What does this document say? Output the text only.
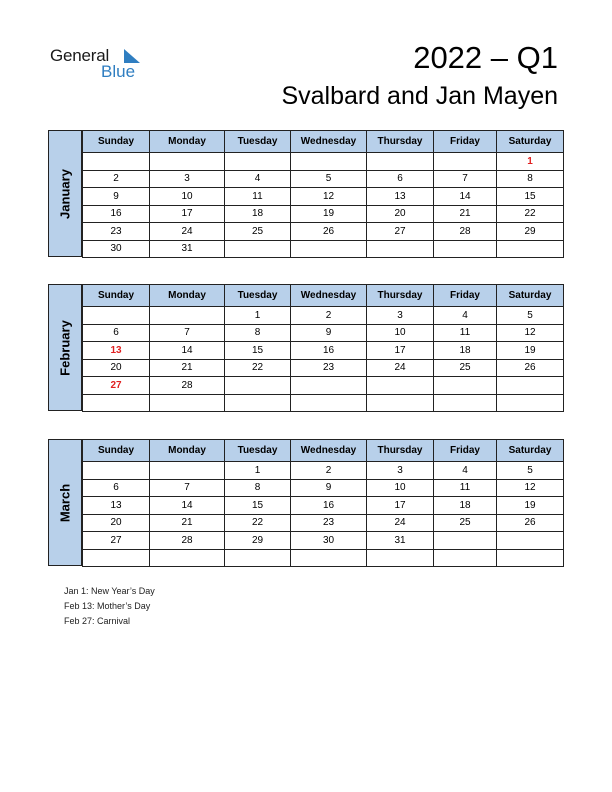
General
Blue	2022 – Q1
Svalbard and Jan Mayen
January
Sunday	Monday	Tuesday	Wednesday	Thursday	Friday	Saturday
						1
2	3	4	5	6	7	8
9	10	11	12	13	14	15
16	17	18	19	20	21	22
23	24	25	26	27	28	29
30	31					
February
Sunday	Monday	Tuesday	Wednesday	Thursday	Friday	Saturday
		1	2	3	4	5
6	7	8	9	10	11	12
13	14	15	16	17	18	19
20	21	22	23	24	25	26
27	28					

March
Sunday	Monday	Tuesday	Wednesday	Thursday	Friday	Saturday
		1	2	3	4	5
6	7	8	9	10	11	12
13	14	15	16	17	18	19
20	21	22	23	24	25	26
27	28	29	30	31		

Jan 1: New Year’s Day
Feb 13: Mother’s Day
Feb 27: Carnival
